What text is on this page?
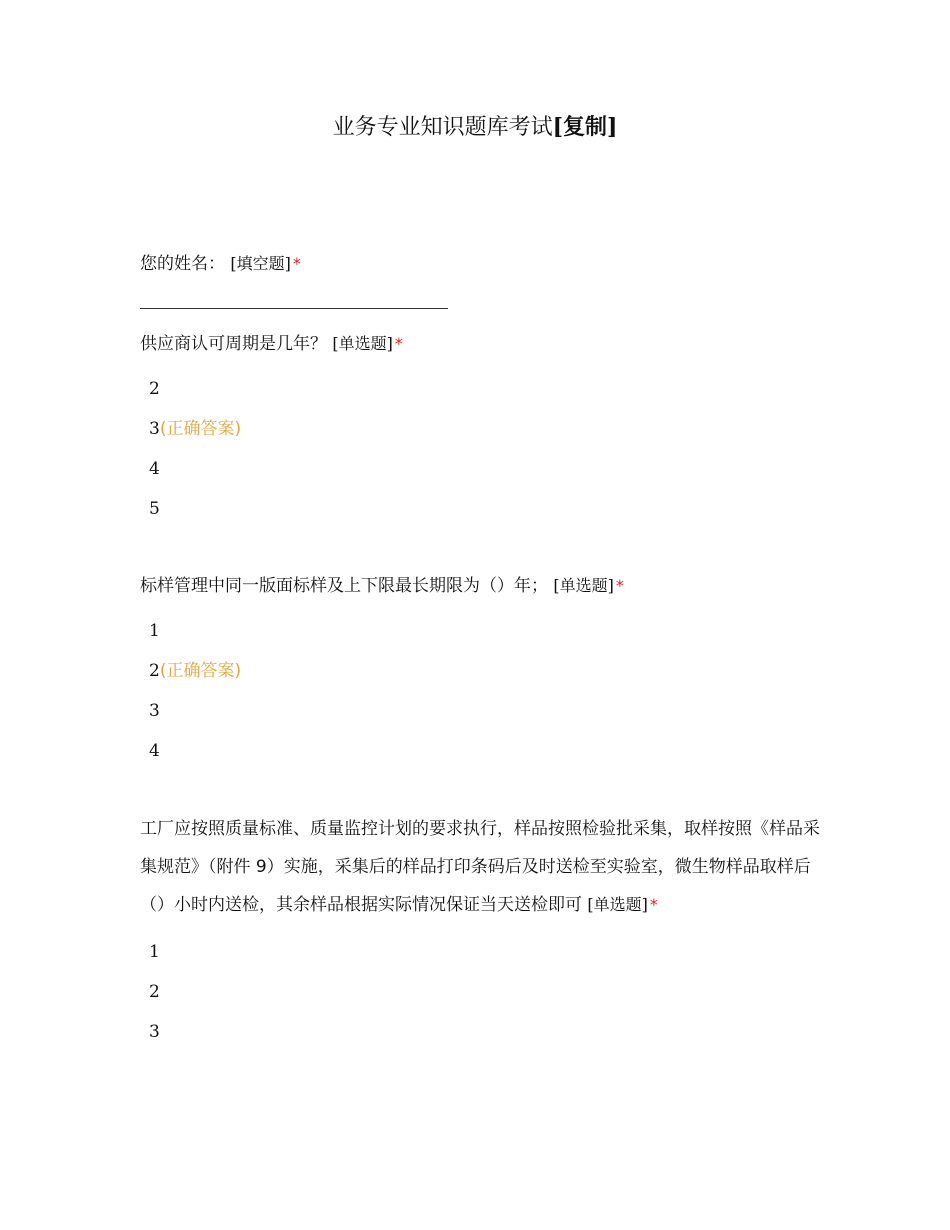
业务专业知识题库考试[复制]
您的姓名： [填空题] *
供应商认可周期是几年？ [单选题] *
2
3(正确答案)
4
5
标样管理中同一版面标样及上下限最长期限为（）年； [单选题] *
1
2(正确答案)
3
4
工厂应按照质量标准、质量监控计划的要求执行，样品按照检验批采集，取样按照《样品采集规范》（附件 9）实施，采集后的样品打印条码后及时送检至实验室，微生物样品取样后（）小时内送检，其余样品根据实际情况保证当天送检即可 [单选题] *
1
2
3
